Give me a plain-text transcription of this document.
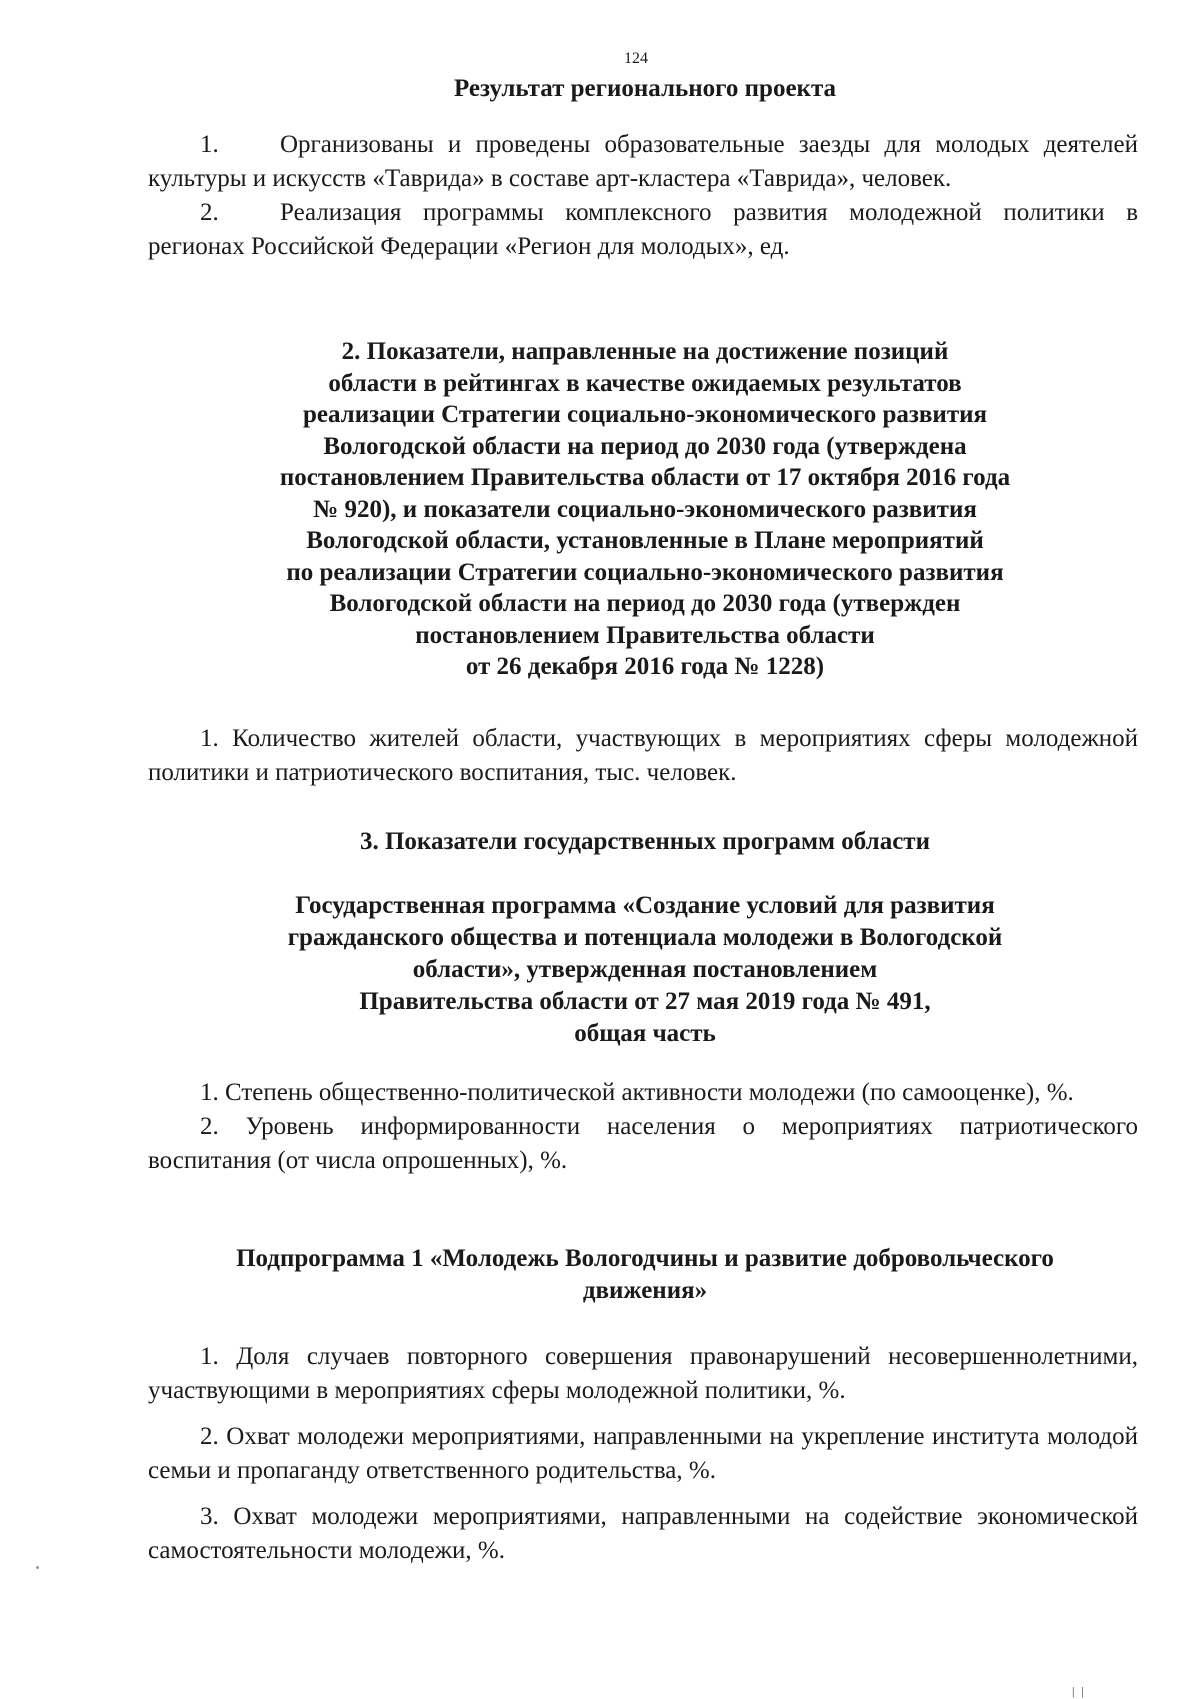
124
Результат регионального проекта

1. Организованы и проведены образовательные заезды для молодых деятелей культуры и искусств «Таврида» в составе арт-кластера «Таврида», человек.

2. Реализация программы комплексного развития молодежной политики в регионах Российской Федерации «Регион для молодых», ед.

2. Показатели, направленные на достижение позиций
области в рейтингах в качестве ожидаемых результатов
реализации Стратегии социально-экономического развития
Вологодской области на период до 2030 года (утверждена
постановлением Правительства области от 17 октября 2016 года
№ 920), и показатели социально-экономического развития
Вологодской области, установленные в Плане мероприятий
по реализации Стратегии социально-экономического развития
Вологодской области на период до 2030 года (утвержден
постановлением Правительства области
от 26 декабря 2016 года № 1228)

1. Количество жителей области, участвующих в мероприятиях сферы молодежной политики и патриотического воспитания, тыс. человек.

3. Показатели государственных программ области
Государственная программа «Создание условий для развития
гражданского общества и потенциала молодежи в Вологодской
области», утвержденная постановлением
Правительства области от 27 мая 2019 года № 491,
общая часть

1. Степень общественно-политической активности молодежи (по самооценке), %.

2. Уровень информированности населения о мероприятиях патриотического воспитания (от числа опрошенных), %.

Подпрограмма 1 «Молодежь Вологодчины и развитие добровольческого
движения»

1. Доля случаев повторного совершения правонарушений несовершеннолетними, участвующими в мероприятиях сферы молодежной политики, %.

2. Охват молодежи мероприятиями, направленными на укрепление института молодой семьи и пропаганду ответственного родительства, %.

3. Охват молодежи мероприятиями, направленными на содействие экономической самостоятельности молодежи, %.

| |
